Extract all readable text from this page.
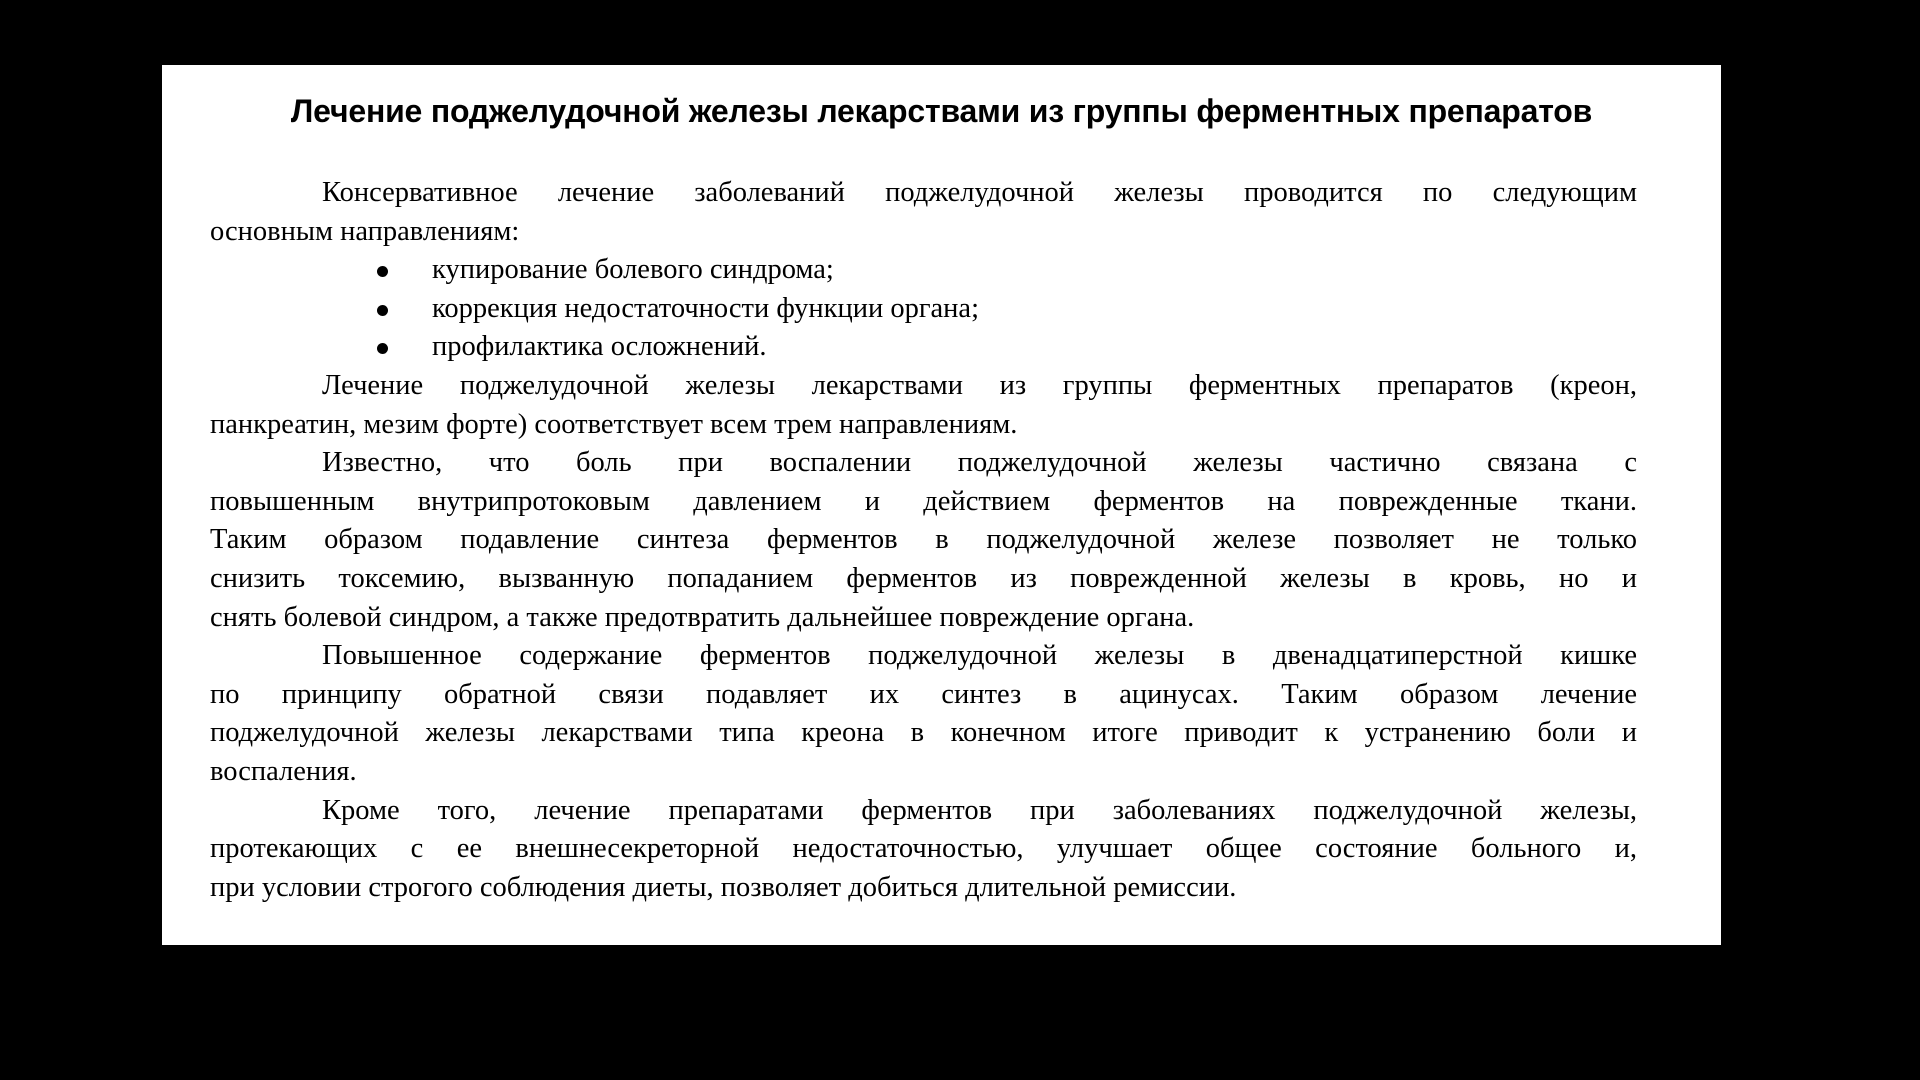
Лечение поджелудочной железы лекарствами из группы ферментных препаратов
Консервативное лечение заболеваний поджелудочной железы проводится по следующим
основным направлениям:
купирование болевого синдрома;
коррекция недостаточности функции органа;
профилактика осложнений.
Лечение поджелудочной железы лекарствами из группы ферментных препаратов (креон,
панкреатин, мезим форте) соответствует всем трем направлениям.
Известно, что боль при воспалении поджелудочной железы частично связана с
повышенным внутрипротоковым давлением и действием ферментов на поврежденные ткани.
Таким образом подавление синтеза ферментов в поджелудочной железе позволяет не только
снизить токсемию, вызванную попаданием ферментов из поврежденной железы в кровь, но и
снять болевой синдром, а также предотвратить дальнейшее повреждение органа.
Повышенное содержание ферментов поджелудочной железы в двенадцатиперстной кишке
по принципу обратной связи подавляет их синтез в ацинусах. Таким образом лечение
поджелудочной железы лекарствами типа креона в конечном итоге приводит к устранению боли и
воспаления.
Кроме того, лечение препаратами ферментов при заболеваниях поджелудочной железы,
протекающих с ее внешнесекреторной недостаточностью, улучшает общее состояние больного и,
при условии строгого соблюдения диеты, позволяет добиться длительной ремиссии.
